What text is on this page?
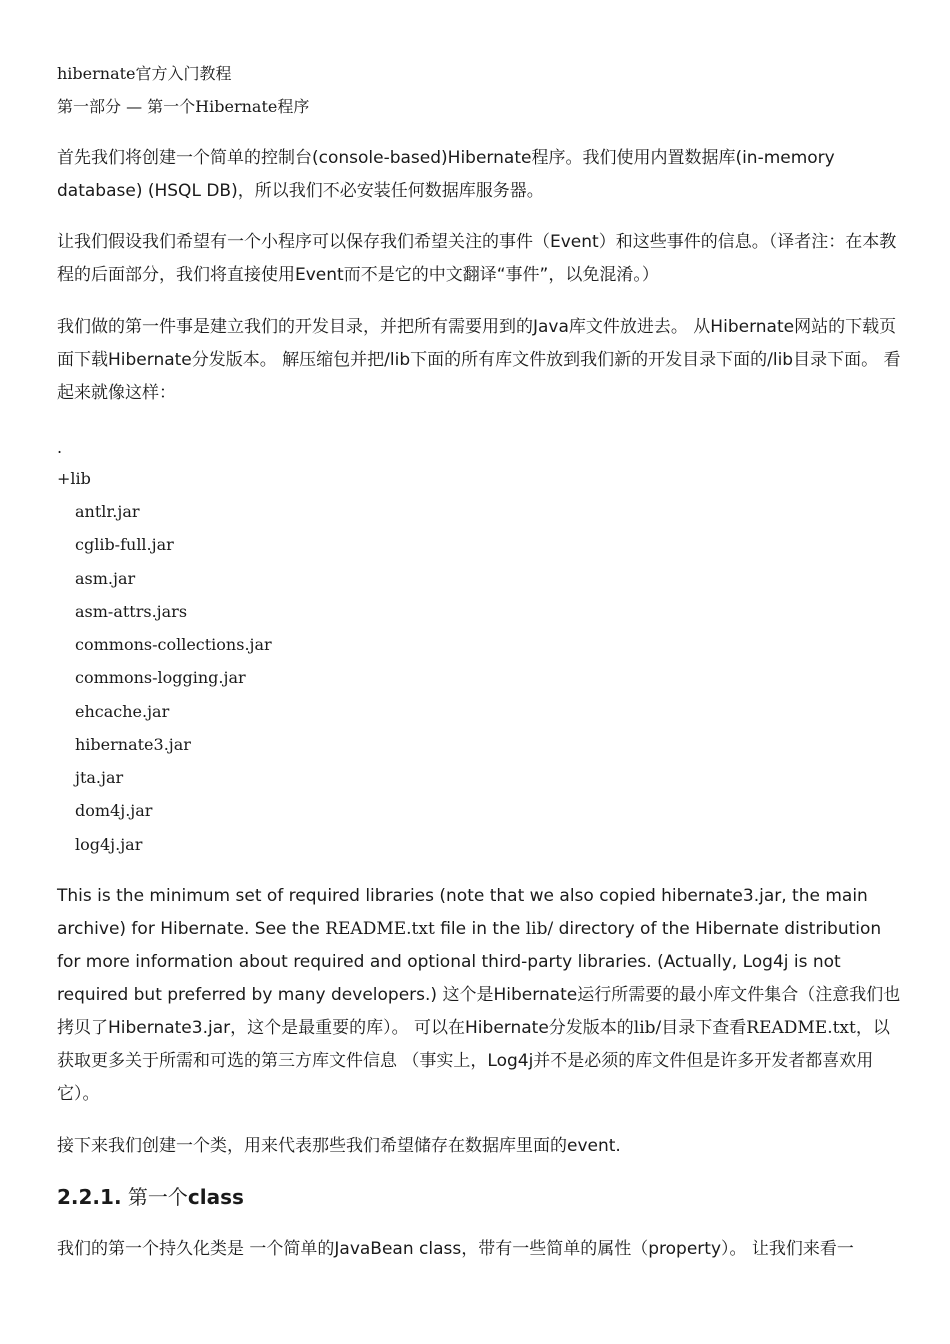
hibernate官方入门教程
第一部分 — 第一个Hibernate程序

首先我们将创建一个简单的控制台(console-based)Hibernate程序。我们使用内置数据库(in-memory database) (HSQL DB)，所以我们不必安装任何数据库服务器。

让我们假设我们希望有一个小程序可以保存我们希望关注的事件（Event）和这些事件的信息。（译者注：在本教程的后面部分，我们将直接使用Event而不是它的中文翻译“事件”，以免混淆。）

我们做的第一件事是建立我们的开发目录，并把所有需要用到的Java库文件放进去。 从Hibernate网站的下载页面下载Hibernate分发版本。 解压缩包并把/lib下面的所有库文件放到我们新的开发目录下面的/lib目录下面。 看起来就像这样：

.
+lib
antlr.jar
cglib-full.jar
asm.jar
asm-attrs.jars
commons-collections.jar
commons-logging.jar
ehcache.jar
hibernate3.jar
jta.jar
dom4j.jar
log4j.jar

This is the minimum set of required libraries (note that we also copied hibernate3.jar, the main archive) for Hibernate. See the README.txt file in the lib/ directory of the Hibernate distribution for more information about required and optional third-party libraries. (Actually, Log4j is not required but preferred by many developers.) 这个是Hibernate运行所需要的最小库文件集合（注意我们也拷贝了Hibernate3.jar，这个是最重要的库）。 可以在Hibernate分发版本的lib/目录下查看README.txt，以获取更多关于所需和可选的第三方库文件信息 （事实上，Log4j并不是必须的库文件但是许多开发者都喜欢用它）。

接下来我们创建一个类，用来代表那些我们希望储存在数据库里面的event.

2.2.1. 第一个class

我们的第一个持久化类是 一个简单的JavaBean class，带有一些简单的属性（property）。 让我们来看一
